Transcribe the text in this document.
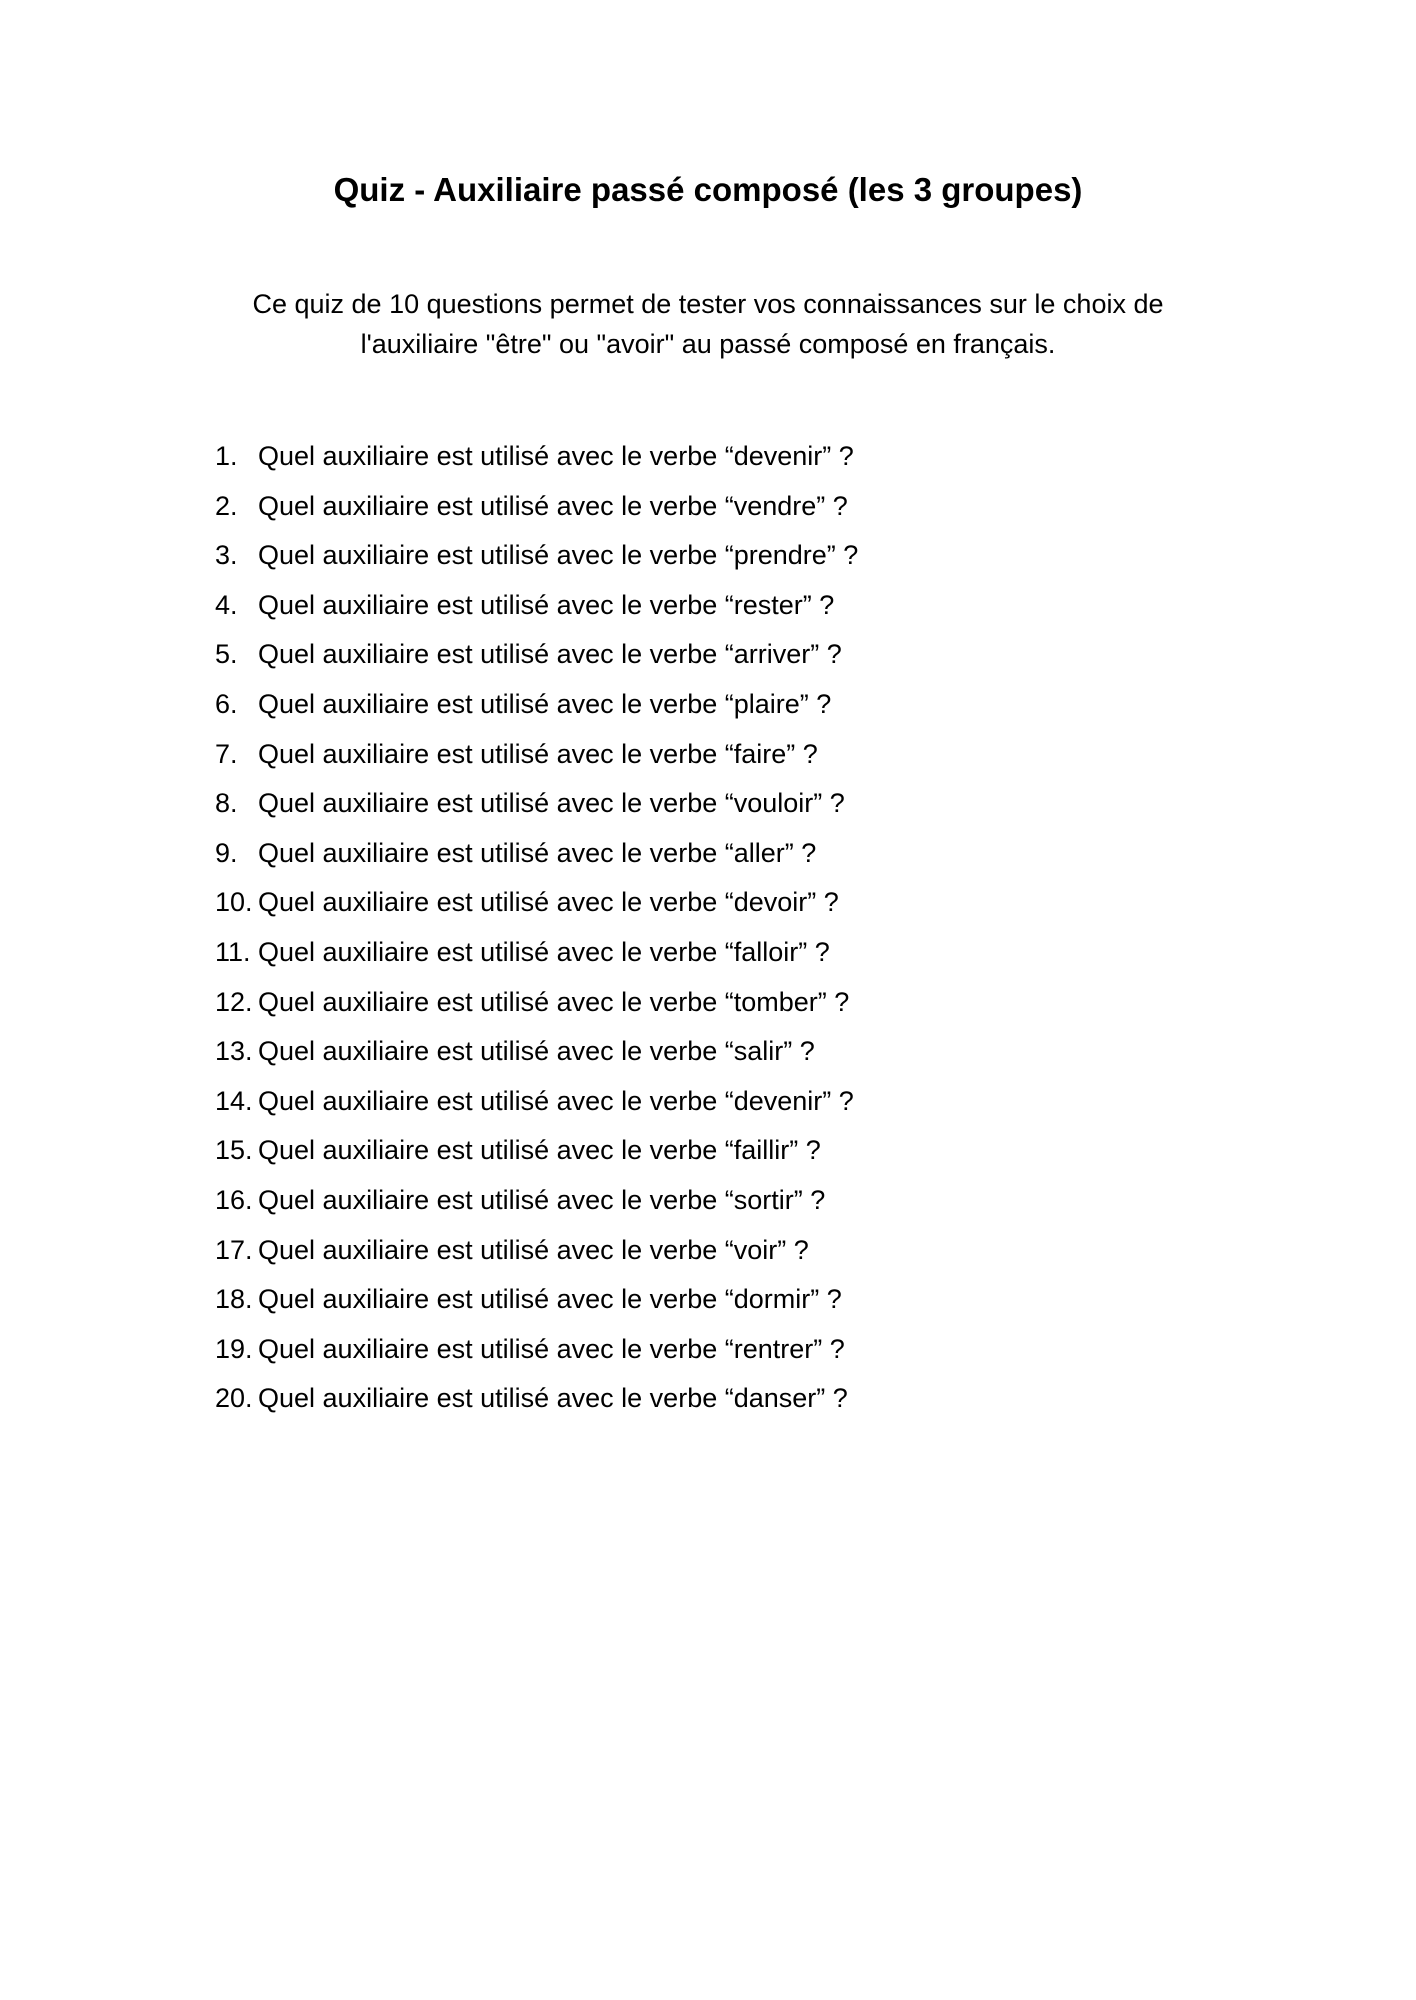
Quiz - Auxiliaire passé composé (les 3 groupes)

Ce quiz de 10 questions permet de tester vos connaissances sur le choix de
l'auxiliaire "être" ou "avoir" au passé composé en français.

1. Quel auxiliaire est utilisé avec le verbe “devenir” ?
2. Quel auxiliaire est utilisé avec le verbe “vendre” ?
3. Quel auxiliaire est utilisé avec le verbe “prendre” ?
4. Quel auxiliaire est utilisé avec le verbe “rester” ?
5. Quel auxiliaire est utilisé avec le verbe “arriver” ?
6. Quel auxiliaire est utilisé avec le verbe “plaire” ?
7. Quel auxiliaire est utilisé avec le verbe “faire” ?
8. Quel auxiliaire est utilisé avec le verbe “vouloir” ?
9. Quel auxiliaire est utilisé avec le verbe “aller” ?
10. Quel auxiliaire est utilisé avec le verbe “devoir” ?
11. Quel auxiliaire est utilisé avec le verbe “falloir” ?
12. Quel auxiliaire est utilisé avec le verbe “tomber” ?
13. Quel auxiliaire est utilisé avec le verbe “salir” ?
14. Quel auxiliaire est utilisé avec le verbe “devenir” ?
15. Quel auxiliaire est utilisé avec le verbe “faillir” ?
16. Quel auxiliaire est utilisé avec le verbe “sortir” ?
17. Quel auxiliaire est utilisé avec le verbe “voir” ?
18. Quel auxiliaire est utilisé avec le verbe “dormir” ?
19. Quel auxiliaire est utilisé avec le verbe “rentrer” ?
20. Quel auxiliaire est utilisé avec le verbe “danser” ?
